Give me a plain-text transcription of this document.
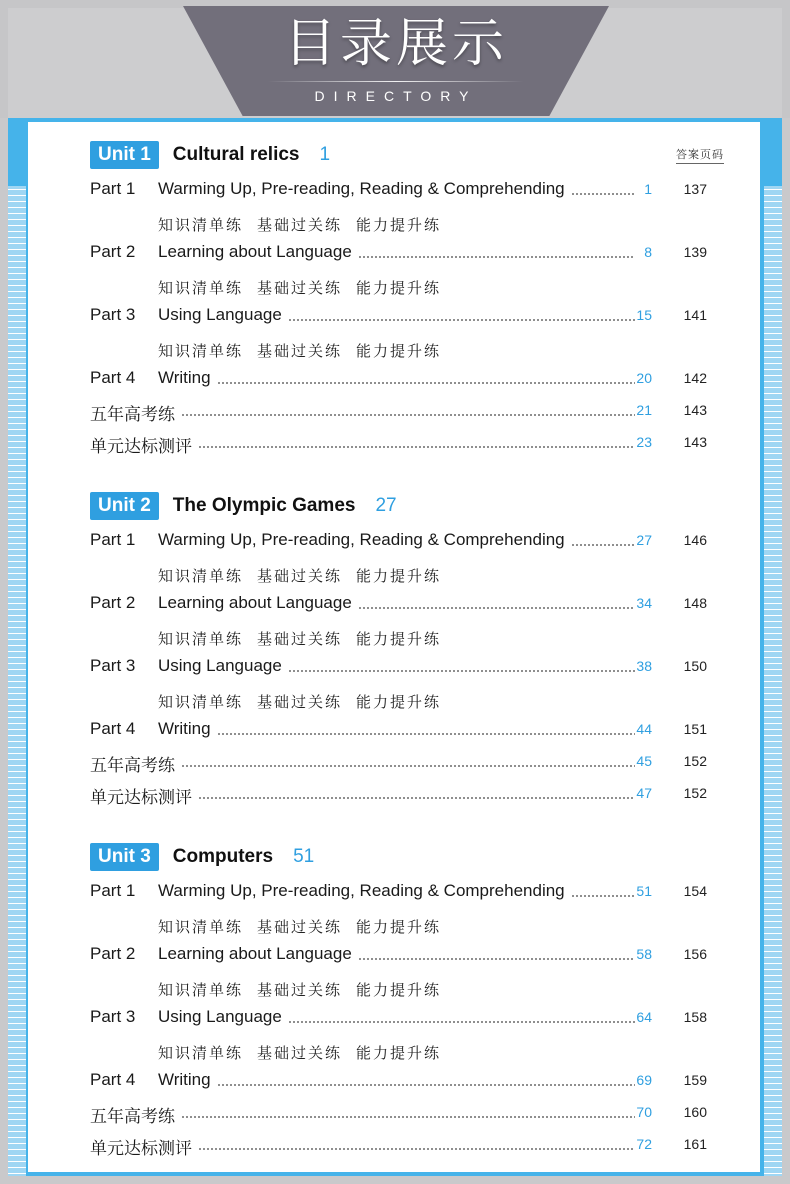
目录展示
DIRECTORY
答案页码
Unit 1	Cultural relics 1
Part 1 Warming Up, Pre-reading, Reading & Comprehending	1 137
知识清单练 基础过关练 能力提升练
Part 2 Learning about Language	8 139
知识清单练 基础过关练 能力提升练
Part 3 Using Language	15 141
知识清单练 基础过关练 能力提升练
Part 4 Writing	20 142
五年高考练	21 143
单元达标测评	23 143
Unit 2	The Olympic Games 27
Part 1 Warming Up, Pre-reading, Reading & Comprehending	27 146
知识清单练 基础过关练 能力提升练
Part 2 Learning about Language	34 148
知识清单练 基础过关练 能力提升练
Part 3 Using Language	38 150
知识清单练 基础过关练 能力提升练
Part 4 Writing	44 151
五年高考练	45 152
单元达标测评	47 152
Unit 3	Computers 51
Part 1 Warming Up, Pre-reading, Reading & Comprehending	51 154
知识清单练 基础过关练 能力提升练
Part 2 Learning about Language	58 156
知识清单练 基础过关练 能力提升练
Part 3 Using Language	64 158
知识清单练 基础过关练 能力提升练
Part 4 Writing	69 159
五年高考练	70 160
单元达标测评	72 161
